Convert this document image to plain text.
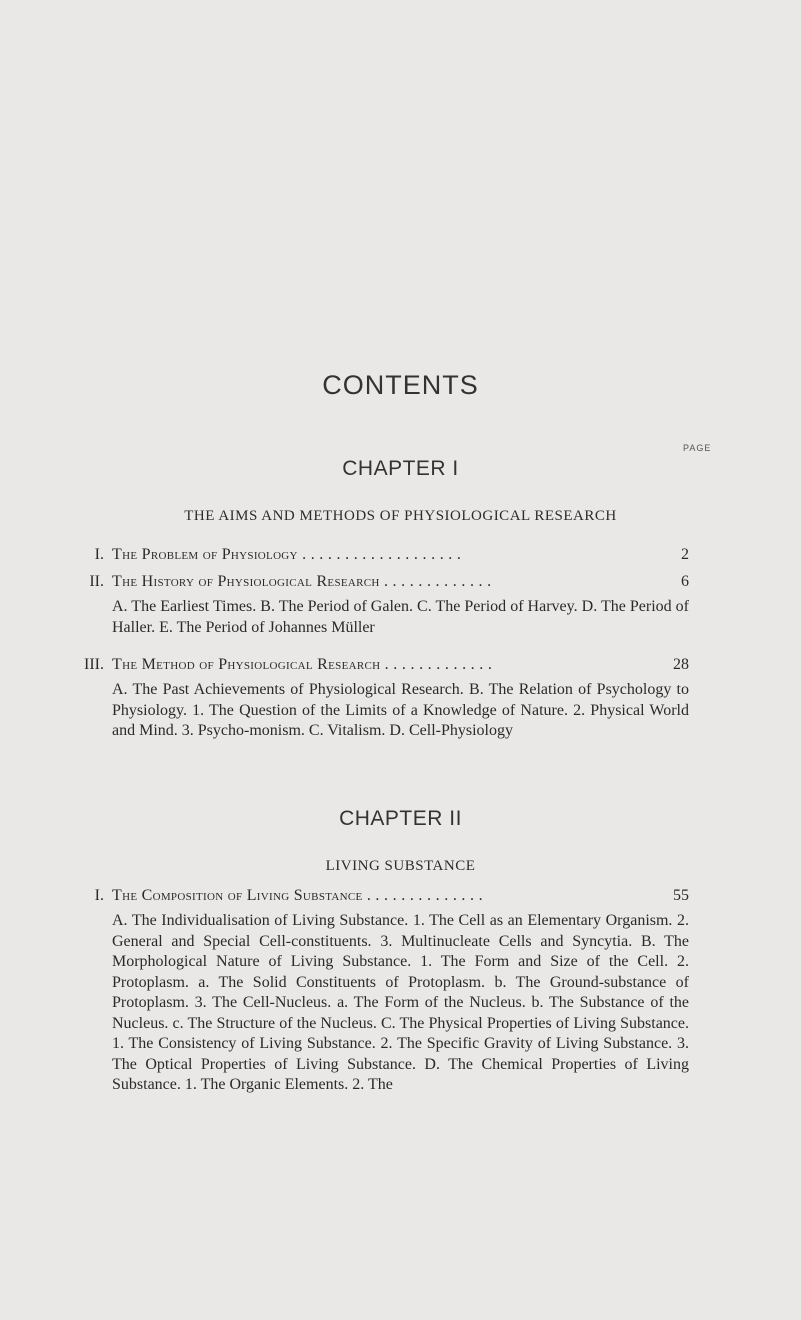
CONTENTS
PAGE
CHAPTER I
THE AIMS AND METHODS OF PHYSIOLOGICAL RESEARCH
I. The Problem of Physiology . . . . . . . . . . . . . . . . . . .	2
II. The History of Physiological Research . . . . . . . . . . . . .	6
A. The Earliest Times. B. The Period of Galen. C. The Period of Harvey. D. The Period of Haller. E. The Period of Johannes Müller
III. The Method of Physiological Research . . . . . . . . . . . . .	28
A. The Past Achievements of Physiological Research. B. The Relation of Psychology to Physiology. 1. The Question of the Limits of a Knowledge of Nature. 2. Physical World and Mind. 3. Psycho-monism. C. Vitalism. D. Cell-Physiology
CHAPTER II
LIVING SUBSTANCE
I. The Composition of Living Substance . . . . . . . . . . . . . .	55
A. The Individualisation of Living Substance. 1. The Cell as an Elementary Organism. 2. General and Special Cell-constituents. 3. Multinucleate Cells and Syncytia. B. The Morphological Nature of Living Substance. 1. The Form and Size of the Cell. 2. Protoplasm. a. The Solid Constituents of Protoplasm. b. The Ground-substance of Protoplasm. 3. The Cell-Nucleus. a. The Form of the Nucleus. b. The Substance of the Nucleus. c. The Structure of the Nucleus. C. The Physical Properties of Living Substance. 1. The Consistency of Living Substance. 2. The Specific Gravity of Living Substance. 3. The Optical Properties of Living Substance. D. The Chemical Properties of Living Substance. 1. The Organic Elements. 2. The
